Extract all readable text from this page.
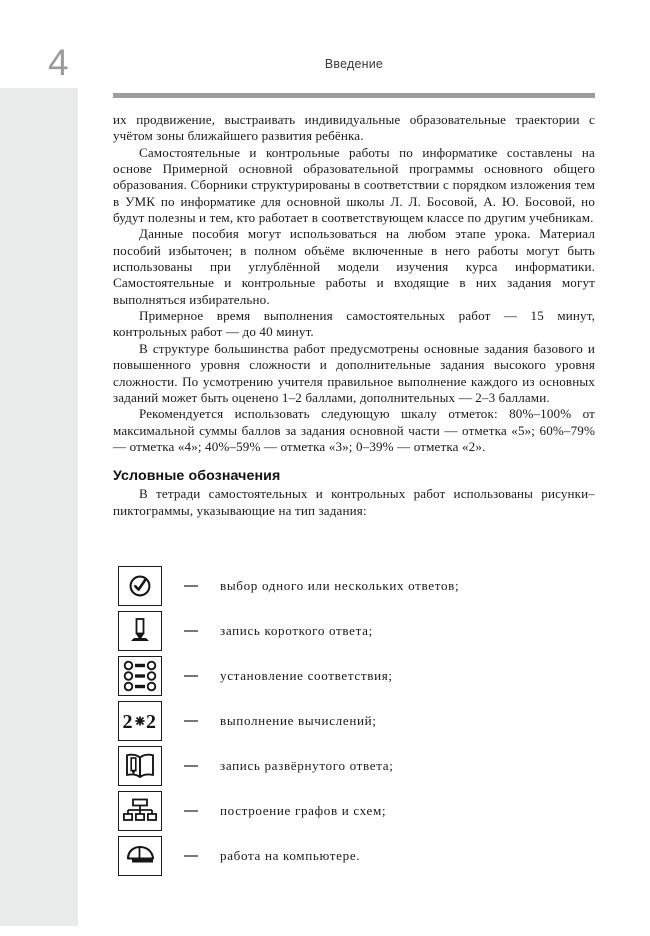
4	Введение

их продвижение, выстраивать индивидуальные образовательные траектории с учётом зоны ближайшего развития ребёнка.

Самостоятельные и контрольные работы по информатике составлены на основе Примерной основной образовательной программы основного общего образования. Сборники структурированы в соответствии с порядком изложения тем в УМК по информатике для основной школы Л. Л. Босовой, А. Ю. Босовой, но будут полезны и тем, кто работает в соответствующем классе по другим учебникам.

Данные пособия могут использоваться на любом этапе урока. Материал пособий избыточен; в полном объёме включенные в него работы могут быть использованы при углублённой модели изучения курса информатики. Самостоятельные и контрольные работы и входящие в них задания могут выполняться избирательно.

Примерное время выполнения самостоятельных работ — 15 минут, контрольных работ — до 40 минут.

В структуре большинства работ предусмотрены основные задания базового и повышенного уровня сложности и дополнительные задания высокого уровня сложности. По усмотрению учителя правильное выполнение каждого из основных заданий может быть оценено 1–2 баллами, дополнительных — 2–3 баллами.

Рекомендуется использовать следующую шкалу отметок: 80%–100% от максимальной суммы баллов за задания основной части — отметка «5»; 60%–79% — отметка «4»; 40%–59% — отметка «3»; 0–39% — отметка «2».

Условные обозначения

В тетради самостоятельных и контрольных работ использованы рисунки–пиктограммы, указывающие на тип задания:

выбор одного или нескольких ответов;
запись короткого ответа;
установление соответствия;
2 2	выполнение вычислений;
запись развёрнутого ответа;
построение графов и схем;
работа на компьютере.
